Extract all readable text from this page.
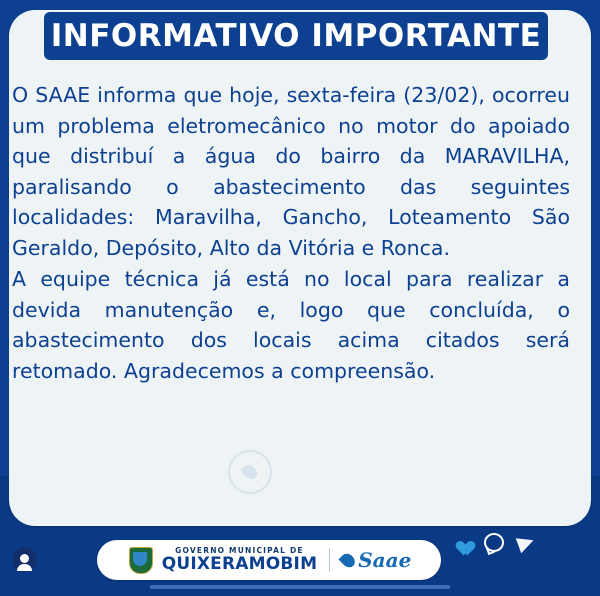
INFORMATIVO IMPORTANTE

O SAAE informa que hoje, sexta-feira (23/02), ocorreu um problema eletromecânico no motor do apoiado que distribuí a água do bairro da MARAVILHA, paralisando o abastecimento das seguintes localidades: Maravilha, Gancho, Loteamento São Geraldo, Depósito, Alto da Vitória e Ronca.

A equipe técnica já está no local para realizar a devida manutenção e, logo que concluída, o abastecimento dos locais acima citados será retomado. Agradecemos a compreensão.

GOVERNO MUNICIPAL DE
QUIXERAMOBIM Saae
